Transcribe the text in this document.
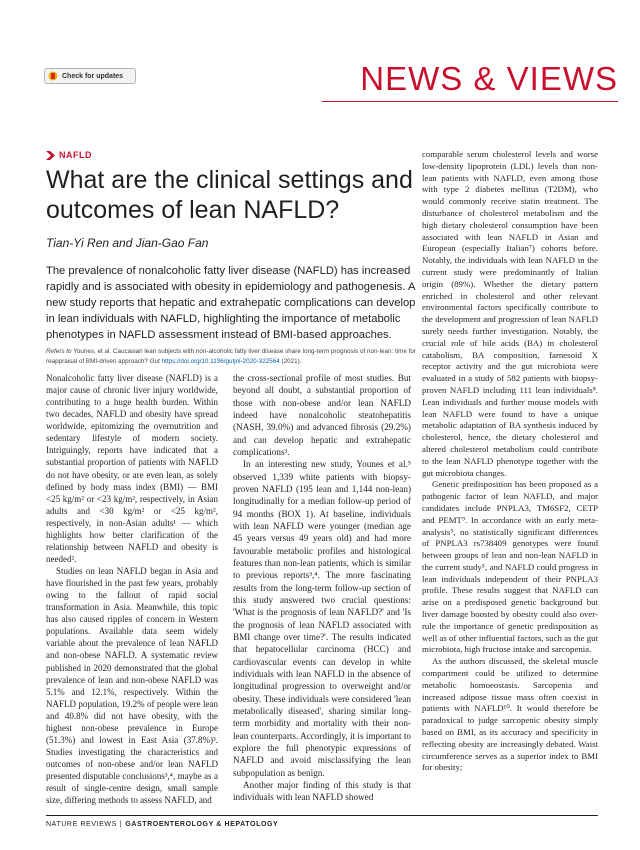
Check for updates	NEWS & VIEWS
NAFLD
What are the clinical settings and outcomes of lean NAFLD?
Tian-Yi Ren and Jian-Gao Fan

The prevalence of nonalcoholic fatty liver disease (NAFLD) has increased rapidly and is associated with obesity in epidemiology and pathogenesis. A new study reports that hepatic and extrahepatic complications can develop in lean individuals with NAFLD, highlighting the importance of metabolic phenotypes in NAFLD assessment instead of BMI-based approaches.

Refers to Younes, et al. Caucasian lean subjects with non-alcoholic fatty liver disease share long-term prognosis of non-lean: time for reappraisal of BMI-driven approach? Gut https://doi.org/10.1136/gutjnl-2020-322564 (2021).

Nonalcoholic fatty liver disease (NAFLD) is a major cause of chronic liver injury worldwide, contributing to a huge health burden. Within two decades, NAFLD and obesity have spread worldwide, epitomizing the overnutrition and sedentary lifestyle of modern society. Intriguingly, reports have indicated that a substantial proportion of patients with NAFLD do not have obesity, or are even lean, as solely defined by body mass index (BMI) — BMI <25 kg/m² or <23 kg/m², respectively, in Asian adults and <30 kg/m² or <25 kg/m², respectively, in non-Asian adults¹ — which highlights how better clarification of the relationship between NAFLD and obesity is needed².

Studies on lean NAFLD began in Asia and have flourished in the past few years, probably owing to the fallout of rapid social transformation in Asia. Meanwhile, this topic has also caused ripples of concern in Western populations. Available data seem widely variable about the prevalence of lean NAFLD and non-obese NAFLD. A systematic review published in 2020 demonstrated that the global prevalence of lean and non-obese NAFLD was 5.1% and 12.1%, respectively. Within the NAFLD population, 19.2% of people were lean and 40.8% did not have obesity, with the highest non-obese prevalence in Europe (51.3%) and lowest in East Asia (37.8%)³. Studies investigating the characteristics and outcomes of non-obese and/or lean NAFLD presented disputable conclusions³,⁴, maybe as a result of single-centre design, small sample size, differing methods to assess NAFLD, and

the cross-sectional profile of most studies. But beyond all doubt, a substantial proportion of those with non-obese and/or lean NAFLD indeed have nonalcoholic steatohepatitis (NASH, 39.0%) and advanced fibrosis (29.2%) and can develop hepatic and extrahepatic complications³.

In an interesting new study, Younes et al.⁵ observed 1,339 white patients with biopsy-proven NAFLD (195 lean and 1,144 non-lean) longitudinally for a median follow-up period of 94 months (BOX 1). At baseline, individuals with lean NAFLD were younger (median age 45 years versus 49 years old) and had more favourable metabolic profiles and histological features than non-lean patients, which is similar to previous reports³,⁴. The more fascinating results from the long-term follow-up section of this study answered two crucial questions: 'What is the prognosis of lean NAFLD?' and 'Is the prognosis of lean NAFLD associated with BMI change over time?'. The results indicated that hepatocellular carcinoma (HCC) and cardiovascular events can develop in white individuals with lean NAFLD in the absence of longitudinal progression to overweight and/or obesity. These individuals were considered 'lean metabolically diseased', sharing similar long-term morbidity and mortality with their non-lean counterparts. Accordingly, it is important to explore the full phenotypic expressions of NAFLD and avoid misclassifying the lean subpopulation as benign.

Another major finding of this study is that individuals with lean NAFLD showed

comparable serum cholesterol levels and worse low-density lipoprotein (LDL) levels than non-lean patients with NAFLD, even among those with type 2 diabetes mellitus (T2DM), who would commonly receive statin treatment. The disturbance of cholesterol metabolism and the high dietary cholesterol consumption have been associated with lean NAFLD in Asian and European (especially Italian⁷) cohorts before. Notably, the individuals with lean NAFLD in the current study were predominantly of Italian origin (89%). Whether the dietary pattern enriched in cholesterol and other relevant environmental factors specifically contribute to the development and progression of lean NAFLD surely needs further investigation. Notably, the crucial role of bile acids (BA) in cholesterol catabolism, BA composition, farnesoid X receptor activity and the gut microbiota were evaluated in a study of 582 patients with biopsy-proven NAFLD including 111 lean individuals⁸. Lean individuals and further mouse models with lean NAFLD were found to have a unique metabolic adaptation of BA synthesis induced by cholesterol, hence, the dietary cholesterol and altered cholesterol metabolism could contribute to the lean NAFLD phenotype together with the gut microbiota changes.

Genetic predisposition has been proposed as a pathogenic factor of lean NAFLD, and major candidates include PNPLA3, TM6SF2, CETP and PEMT⁹. In accordance with an early meta-analysis⁹, no statistically significant differences of PNPLA3 rs738409 genotypes were found between groups of lean and non-lean NAFLD in the current study⁵, and NAFLD could progress in lean individuals independent of their PNPLA3 profile. These results suggest that NAFLD can arise on a predisposed genetic background but liver damage boosted by obesity could also over-rule the importance of genetic predisposition as well as of other influential factors, such as the gut microbiota, high fructose intake and sarcopenia.

As the authors discussed, the skeletal muscle compartment could be utilized to determine metabolic homoeostasis. Sarcopenia and increased adipose tissue mass often coexist in patients with NAFLD¹⁰. It would therefore be paradoxical to judge sarcopenic obesity simply based on BMI, as its accuracy and specificity in reflecting obesity are increasingly debated. Waist circumference serves as a superior index to BMI for obesity;

NATURE REVIEWS | GASTROENTEROLOGY & HEPATOLOGY
